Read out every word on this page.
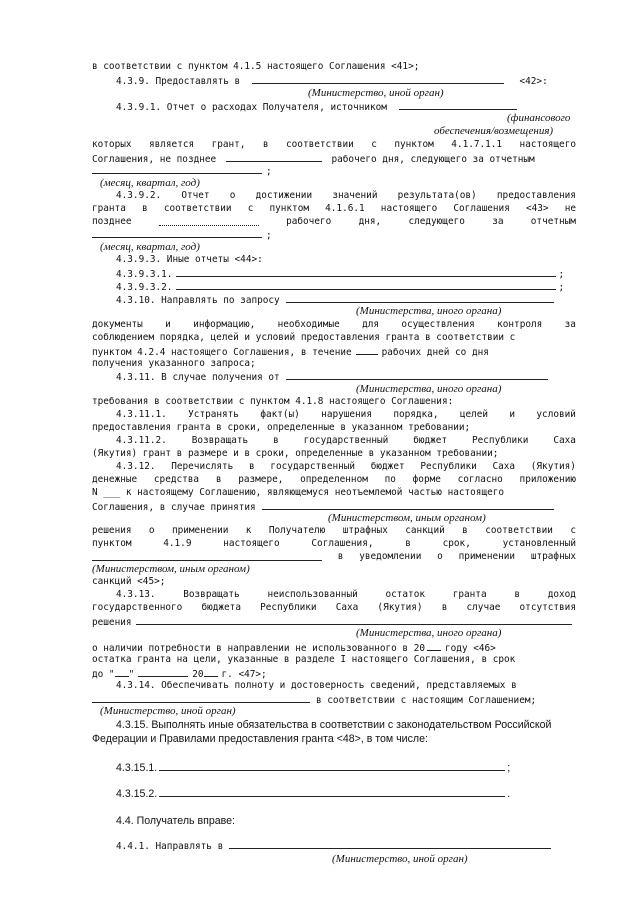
в соответствии с пунктом 4.1.5 настоящего Соглашения <41>;
4.3.9. Предоставлять в	<42>:
(Министерство, иной орган)
4.3.9.1. Отчет о расходах Получателя, источником
(финансового
обеспечения/возмещения)
которых является грант, в соответствии с пунктом 4.1.7.1.1 настоящего
Соглашения, не позднее	рабочего дня, следующего за отчетным
;
(месяц, квартал, год)
4.3.9.2. Отчет о достижении значений результата(ов) предоставления
гранта в соответствии с пунктом 4.1.6.1 настоящего Соглашения <43> не
позднее	рабочего	дня,	следующего	за	отчетным
;
(месяц, квартал, год)
4.3.9.3. Иные отчеты <44>:
4.3.9.3.1.	;
4.3.9.3.2.	;
4.3.10. Направлять по запросу
(Министерства, иного органа)
документы и информацию, необходимые для осуществления контроля за
соблюдением порядка, целей и условий предоставления гранта в соответствии с
пунктом 4.2.4 настоящего Соглашения, в течение	рабочих дней со дня
получения указанного запроса;
4.3.11. В случае получения от
(Министерства, иного органа)
требования в соответствии с пунктом 4.1.8 настоящего Соглашения:
4.3.11.1. Устранять факт(ы) нарушения порядка, целей и условий
предоставления гранта в сроки, определенные в указанном требовании;
4.3.11.2.	Возвращать	в	государственный	бюджет	Республики	Саха
(Якутия) грант в размере и в сроки, определенные в указанном требовании;
4.3.12. Перечислять в государственный бюджет Республики Саха (Якутия)
денежные средства в размере, определенном по форме согласно приложению
N ___ к настоящему Соглашению, являющемуся неотъемлемой частью настоящего
Соглашения, в случае принятия
(Министерством, иным органом)
решения о применении к Получателю штрафных санкций в соответствии с
пунктом	4.1.9	настоящего	Соглашения,	в	срок,	установленный
в уведомлении о применении штрафных
(Министерством, иным органом)
санкций <45>;
4.3.13.	Возвращать	неиспользованный	остаток	гранта	в	доход
государственного бюджета Республики Саха (Якутия) в случае отсутствия
решения
(Министерства, иного органа)
о наличии потребности в направлении не использованного в 20 году <46>
остатка гранта на цели, указанные в разделе I настоящего Соглашения, в срок
до " "	20 г. <47>;
4.3.14. Обеспечивать полноту и достоверность сведений, представляемых в
в соответствии с настоящим Соглашением;
(Министерство, иной орган)
4.3.15. Выполнять иные обязательства в соответствии с законодательством Российской
Федерации и Правилами предоставления гранта <48>, в том числе:
4.3.15.1.	;
4.3.15.2.	.
4.4. Получатель вправе:
4.4.1. Направлять в
(Министерство, иной орган)
